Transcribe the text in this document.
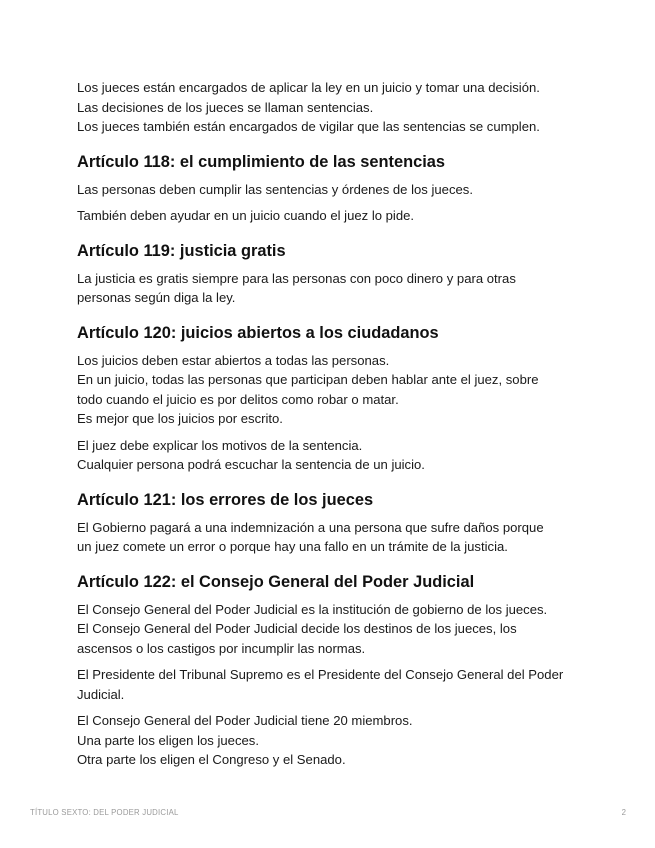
Los jueces están encargados de aplicar la ley en un juicio y tomar una decisión.
Las decisiones de los jueces se llaman sentencias.
Los jueces también están encargados de vigilar que las sentencias se cumplen.

Artículo 118: el cumplimiento de las sentencias

Las personas deben cumplir las sentencias y órdenes de los jueces.

También deben ayudar en un juicio cuando el juez lo pide.

Artículo 119: justicia gratis

La justicia es gratis siempre para las personas con poco dinero y para otras
personas según diga la ley.

Artículo 120: juicios abiertos a los ciudadanos

Los juicios deben estar abiertos a todas las personas.
En un juicio, todas las personas que participan deben hablar ante el juez, sobre
todo cuando el juicio es por delitos como robar o matar.
Es mejor que los juicios por escrito.

El juez debe explicar los motivos de la sentencia.
Cualquier persona podrá escuchar la sentencia de un juicio.

Artículo 121: los errores de los jueces

El Gobierno pagará a una indemnización a una persona que sufre daños porque
un juez comete un error o porque hay una fallo en un trámite de la justicia.

Artículo 122: el Consejo General del Poder Judicial

El Consejo General del Poder Judicial es la institución de gobierno de los jueces.
El Consejo General del Poder Judicial decide los destinos de los jueces, los
ascensos o los castigos por incumplir las normas.

El Presidente del Tribunal Supremo es el Presidente del Consejo General del Poder
Judicial.

El Consejo General del Poder Judicial tiene 20 miembros.
Una parte los eligen los jueces.
Otra parte los eligen el Congreso y el Senado.

TÍTULO SEXTO: DEL PODER JUDICIAL	2
